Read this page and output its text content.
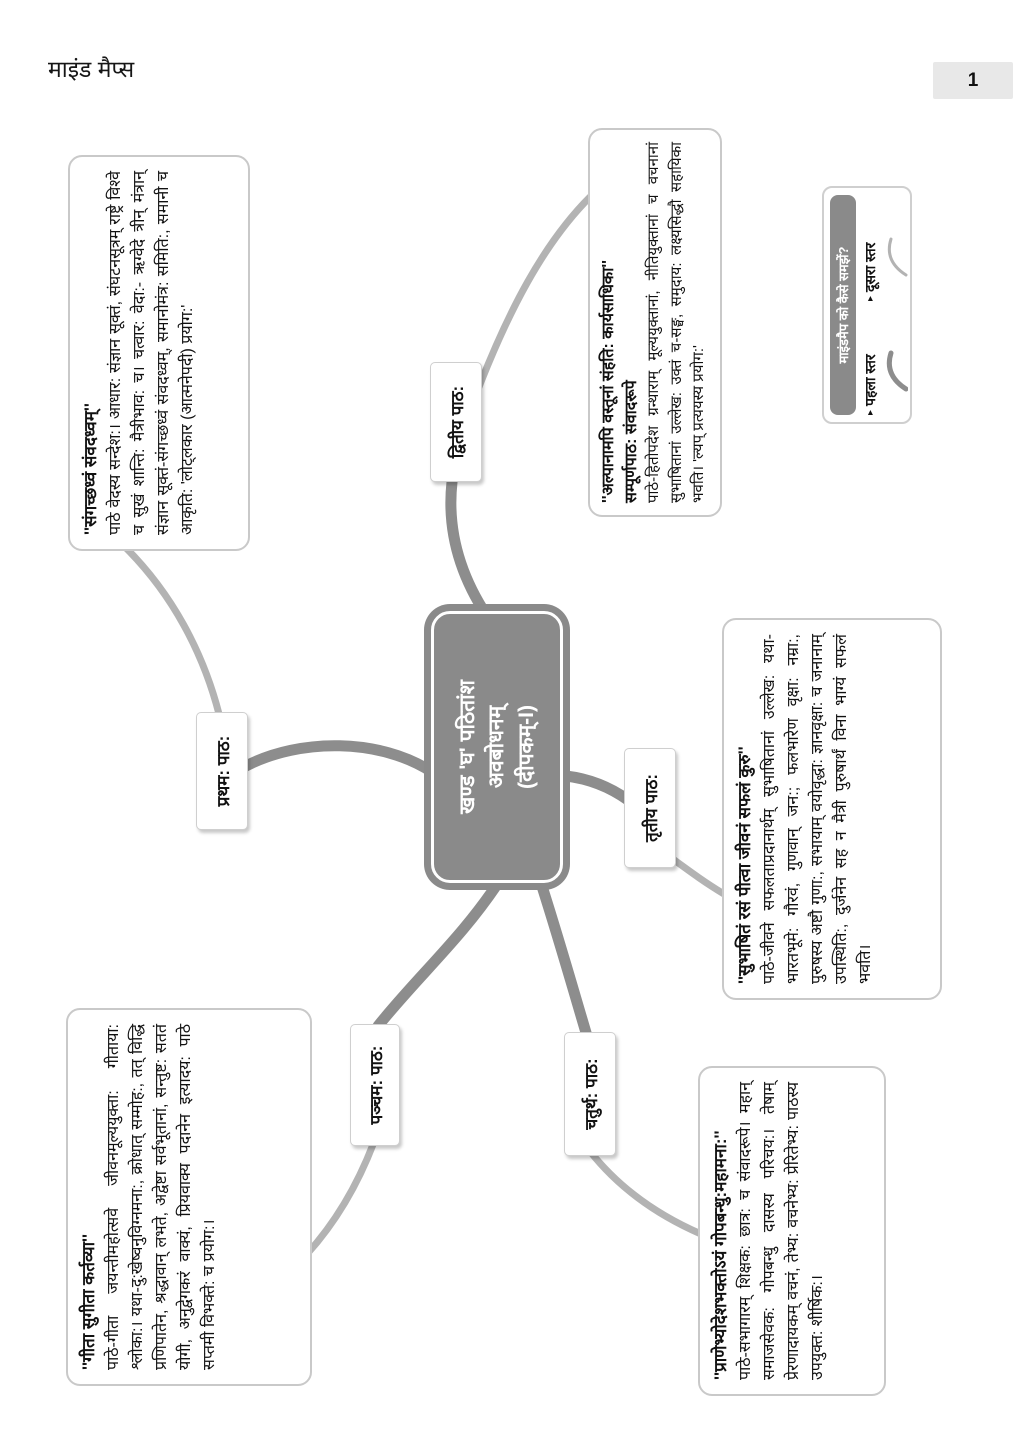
माइंड मैप्स	1
खण्ड 'घ' पठितांश अवबोधनम् (दीपकम्-I)
प्रथम: पाठ:
द्वितीय पाठ:
तृतीय पाठ:
चतुर्थ: पाठ:
पञ्चम: पाठ:
''संगच्छध्वं संवदध्वम्'' पाठे वेदस्य सन्देश:। आधार: संज्ञान सूक्तं, संघटनसूत्रम् राष्ट्रे विश्वे च सुखं शान्ति: मैत्रीभाव: च। चत्वार: वेदा:- ऋग्वेदे त्रीन् मंत्रान् संज्ञान सूक्तं-संगच्छध्वं संवदध्वम्, समानोमंत्र: समिति:, समानी च आकृति: 'लोट्लकार (आत्मनेपदी) प्रयोग:'	''अल्पानामपि वस्तूनां संहति: कार्यसाधिका'' सम्पूर्णपाठ: संवादरूपे पाठे-हितोपदेश ग्रन्थाराम् मूल्ययुक्तानां, नीतियुक्तानां च वचनानां सुभाषितानां उल्लेख: उक्तं च-सङ्घ, समुदाय: लक्ष्यसिद्धौ सहायिका भवति। 'ल्यप् प्रत्ययस्य प्रयोग:'
''सुभाषितं रसं पीत्वा जीवनं सफलं कुरु'' पाठे-जीवने सफलताप्रदानार्थम् सुभाषितानां उल्लेख: यथा-भारतभूमे: गौरवं, गुणवान् जन:; फलभारेण वृक्षा: नम्रा:, पुरुषस्य अष्टौ गुणा:, सभायाम् वयोवृद्धा: ज्ञानवृक्षा: च जनानाम् उपस्थिति:, दुर्जनेन सह न मैत्री पुरुषार्थं विना भाग्यं सफलं भवति।
''प्राणेभ्योदेशभक्तोऽयं गोपबन्धु:महामना:'' पाठे-सभागारम् शिक्षक: छात्र: च संवादरूपे। महान् समाजसेवक: गोपबन्धु दासस्य परिचय:। तेषाम् प्रेरणादायकम् वचनं, तेभ्य: वचनेभ्य: प्रेरितेभ्य: पाठस्य उपयुक्त: शीर्षिक:।
''गीता सुगीता कर्तव्या'' पाठे-गीता जयन्तीमहोत्सवे जीवनमूल्ययुक्ता: गीताया: श्लोका:। यथा-दु:खेष्वनुविग्नमना:, क्रोधात् सम्मोह:, तत् विद्धि प्रणिपातेन, श्रद्धावान् लभते, अद्वेष्टा सर्वभूतानां, सन्तुष्ट: सततं योगी, अनुद्वेगकरं वाक्यं, प्रियवाक्य पदानेन इत्यादय: पाठे सप्तमी विभक्ते: च प्रयोग:।
माइंडमैप को कैसे समझें?
▸
पहला स्तर
▸
दूसरा स्तर
